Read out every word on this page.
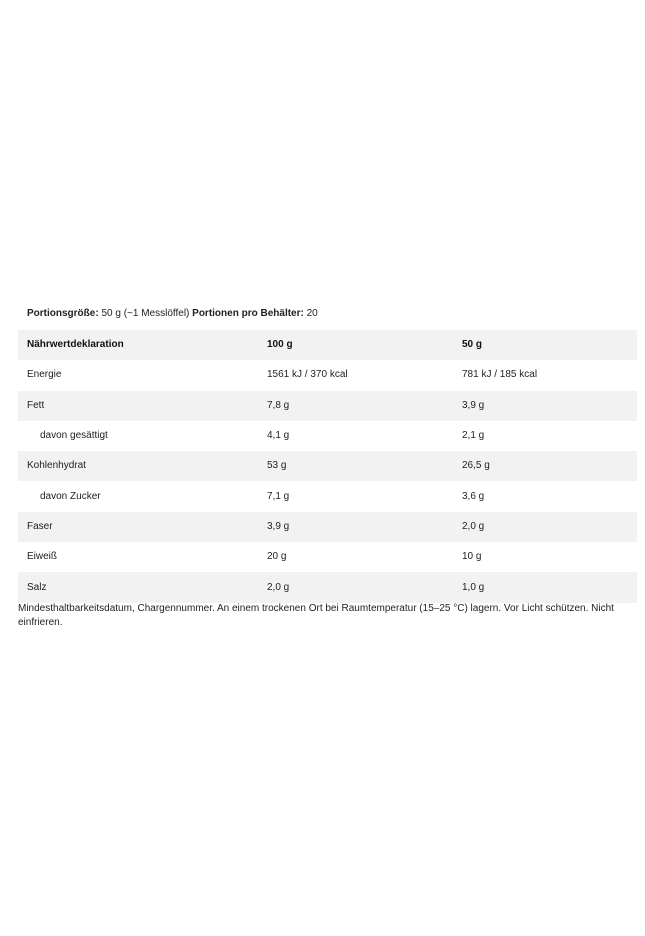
Portionsgröße: 50 g (~1 Messlöffel) Portionen pro Behälter: 20
Nährwertdeklaration	100 g	50 g
Energie	1561 kJ / 370 kcal	781 kJ / 185 kcal
Fett	7,8 g	3,9 g
davon gesättigt	4,1 g	2,1 g
Kohlenhydrat	53 g	26,5 g
davon Zucker	7,1 g	3,6 g
Faser	3,9 g	2,0 g
Eiweiß	20 g	10 g
Salz	2,0 g	1,0 g
Mindesthaltbarkeitsdatum, Chargennummer. An einem trockenen Ort bei Raumtemperatur (15–25 °C) lagern. Vor Licht schützen. Nicht einfrieren.
